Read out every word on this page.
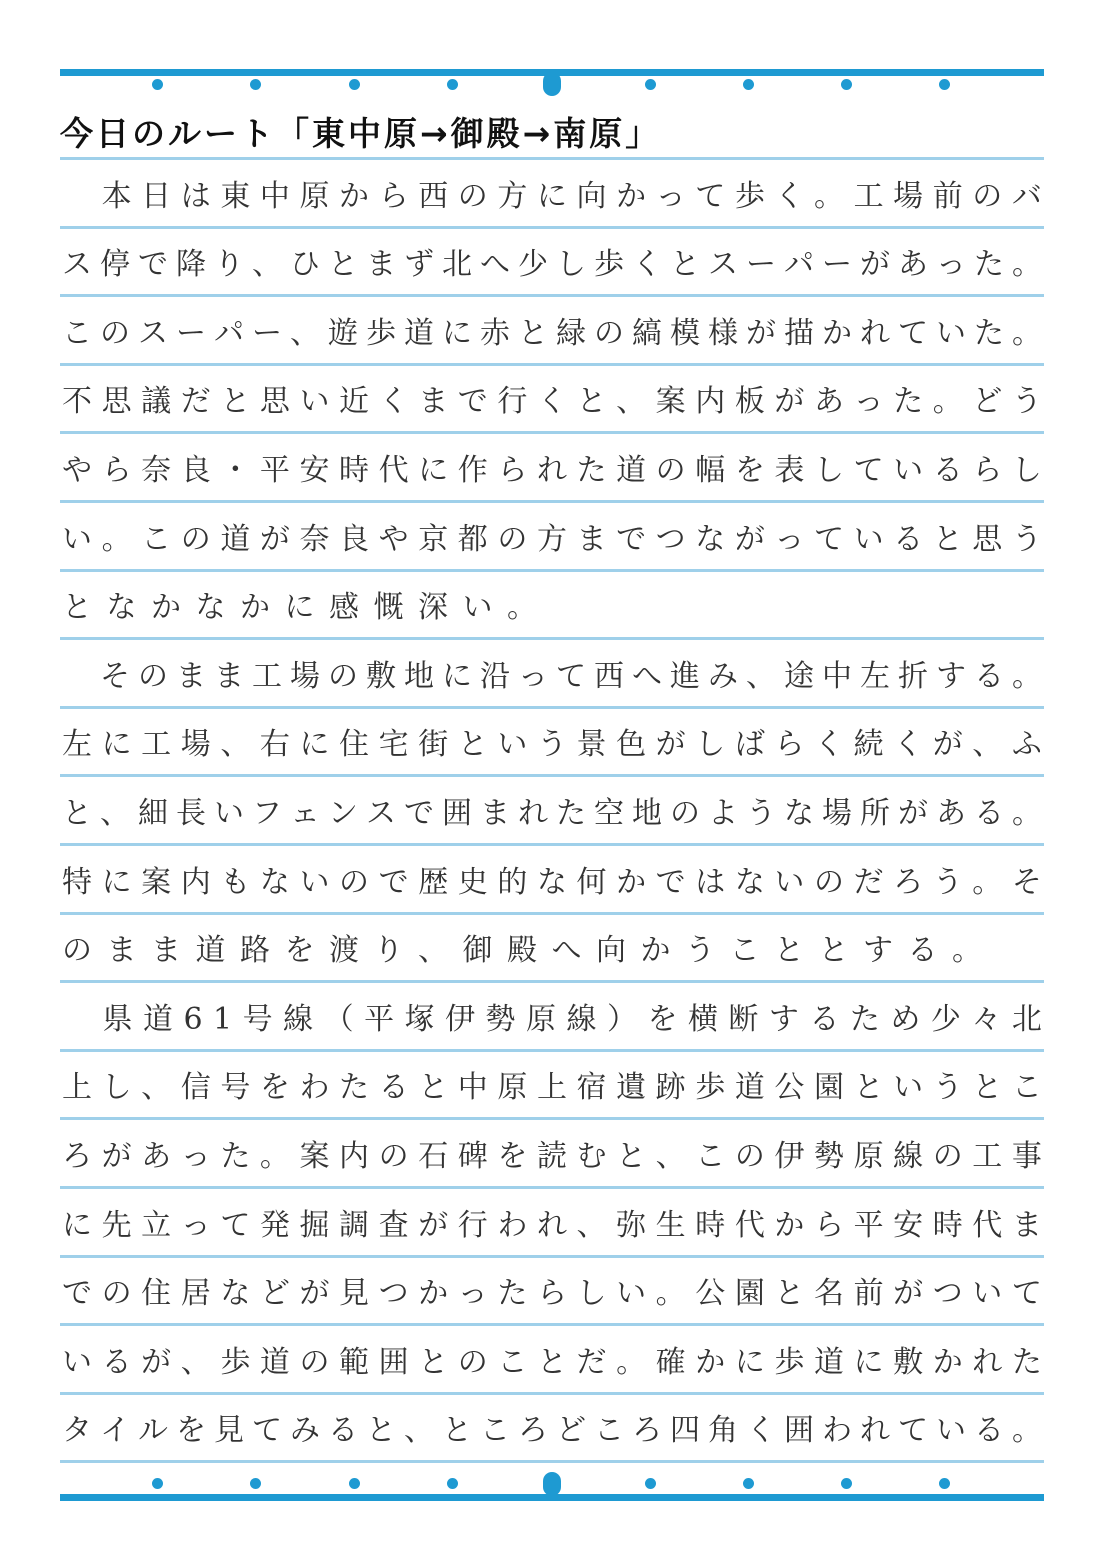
今日のルート「東中原→御殿→南原」

本 日 は 東 中 原 か ら 西 の 方 に 向 か っ て 歩 く 。 工 場 前 の バ
ス 停 で 降 り 、 ひ と ま ず 北 へ 少 し 歩 く と ス ー パ ー が あ っ た 。
こ の ス ー パ ー 、 遊 歩 道 に 赤 と 緑 の 縞 模 様 が 描 か れ て い た 。
不 思 議 だ と 思 い 近 く ま で 行 く と 、 案 内 板 が あ っ た 。 ど う
や ら 奈 良 ・ 平 安 時 代 に 作 ら れ た 道 の 幅 を 表 し て い る ら し
い 。 こ の 道 が 奈 良 や 京 都 の 方 ま で つ な が っ て い る と 思 う
となかなかに感慨深い。

そ の ま ま 工 場 の 敷 地 に 沿 っ て 西 へ 進 み 、 途 中 左 折 す る 。
左 に 工 場 、 右 に 住 宅 街 と い う 景 色 が し ば ら く 続 く が 、 ふ
と 、 細 長 い フ ェ ン ス で 囲 ま れ た 空 地 の よ う な 場 所 が あ る 。
特 に 案 内 も な い の で 歴 史 的 な 何 か で は な い の だ ろ う 。 そ
のまま道路を渡り、御殿へ向かうこととする。

県 道 6 1 号 線 （ 平 塚 伊 勢 原 線 ） を 横 断 す る た め 少 々 北
上 し 、 信 号 を わ た る と 中 原 上 宿 遺 跡 歩 道 公 園 と い う と こ
ろ が あ っ た 。 案 内 の 石 碑 を 読 む と 、 こ の 伊 勢 原 線 の 工 事
に 先 立 っ て 発 掘 調 査 が 行 わ れ 、 弥 生 時 代 か ら 平 安 時 代 ま
で の 住 居 な ど が 見 つ か っ た ら し い 。 公 園 と 名 前 が つ い て
い る が 、 歩 道 の 範 囲 と の こ と だ 。 確 か に 歩 道 に 敷 か れ た
タ イ ル を 見 て み る と 、 と こ ろ ど こ ろ 四 角 く 囲 わ れ て い る 。
